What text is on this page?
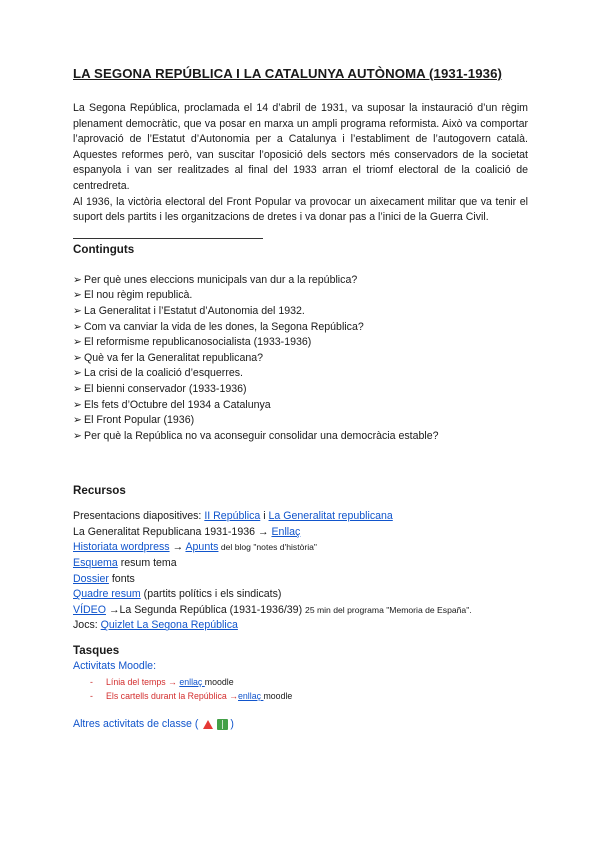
LA SEGONA REPÚBLICA I LA CATALUNYA AUTÒNOMA (1931-1936)

La Segona República, proclamada el 14 d’abril de 1931, va suposar la instauració d’un règim plenament democràtic, que va posar en marxa un ampli programa reformista. Això va comportar l’aprovació de l’Estatut d’Autonomia per a Catalunya i l’establiment de l’autogovern català. Aquestes reformes però, van suscitar l’oposició dels sectors més conservadors de la societat espanyola i van ser realitzades al final del 1933 arran el triomf electoral de la coalició de centredreta.

Al 1936, la victòria electoral del Front Popular va provocar un aixecament militar que va tenir el suport dels partits i les organitzacions de dretes i va donar pas a l’inici de la Guerra Civil.

Continguts
➢ Per què unes eleccions municipals van dur a la república?
➢ El nou règim republicà.
➢ La Generalitat i l’Estatut d’Autonomia del 1932.
➢ Com va canviar la vida de les dones, la Segona República?
➢ El reformisme republicanosocialista (1933-1936)
➢ Què va fer la Generalitat republicana?
➢ La crisi de la coalició d’esquerres.
➢ El bienni conservador (1933-1936)
➢ Els fets d’Octubre del 1934 a Catalunya
➢ El Front Popular (1936)
➢ Per què la República no va aconseguir consolidar una democràcia estable?
Recursos
Presentacions diapositives: II República i La Generalitat republicana
La Generalitat Republicana 1931-1936 → Enllaç
Historiata wordpress → Apunts del blog "notes d'història"
Esquema resum tema
Dossier fonts
Quadre resum (partits polítics i els sindicats)
VÍDEO →La Segunda República (1931-1936/39) 25 min del programa "Memoria de España".
Jocs: Quizlet La Segona República
Tasques
Activitats Moodle:
-	Línia del temps → enllaç moodle
-	Els cartells durant la República →enllaç moodle
Altres activitats de classe (	)
